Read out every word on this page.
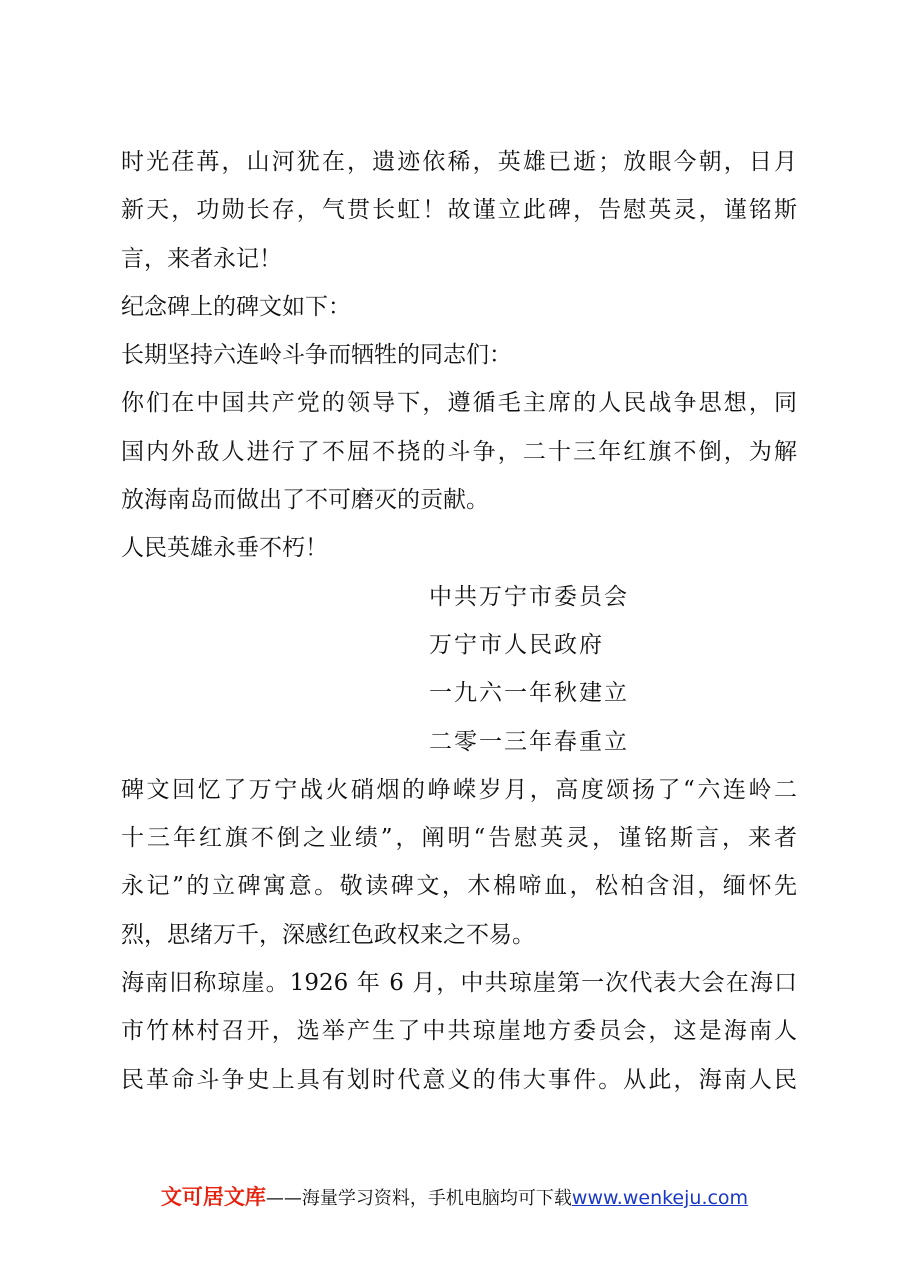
时光荏苒，山河犹在，遗迹依稀，英雄已逝；放眼今朝，日月
新天，功勋长存，气贯长虹！故谨立此碑，告慰英灵，谨铭斯
言，来者永记！
纪念碑上的碑文如下：
长期坚持六连岭斗争而牺牲的同志们：
你们在中国共产党的领导下，遵循毛主席的人民战争思想，同
国内外敌人进行了不屈不挠的斗争，二十三年红旗不倒，为解
放海南岛而做出了不可磨灭的贡献。
人民英雄永垂不朽！
中共万宁市委员会
万宁市人民政府
一九六一年秋建立
二零一三年春重立
碑文回忆了万宁战火硝烟的峥嵘岁月，高度颂扬了“六连岭二
十三年红旗不倒之业绩”，阐明“告慰英灵，谨铭斯言，来者
永记”的立碑寓意。敬读碑文，木棉啼血，松柏含泪，缅怀先
烈，思绪万千，深感红色政权来之不易。
海南旧称琼崖。1926 年 6 月，中共琼崖第一次代表大会在海口
市竹林村召开，选举产生了中共琼崖地方委员会，这是海南人
民革命斗争史上具有划时代意义的伟大事件。从此，海南人民
文可居文库——海量学习资料，手机电脑均可下载www.wenkeju.com
